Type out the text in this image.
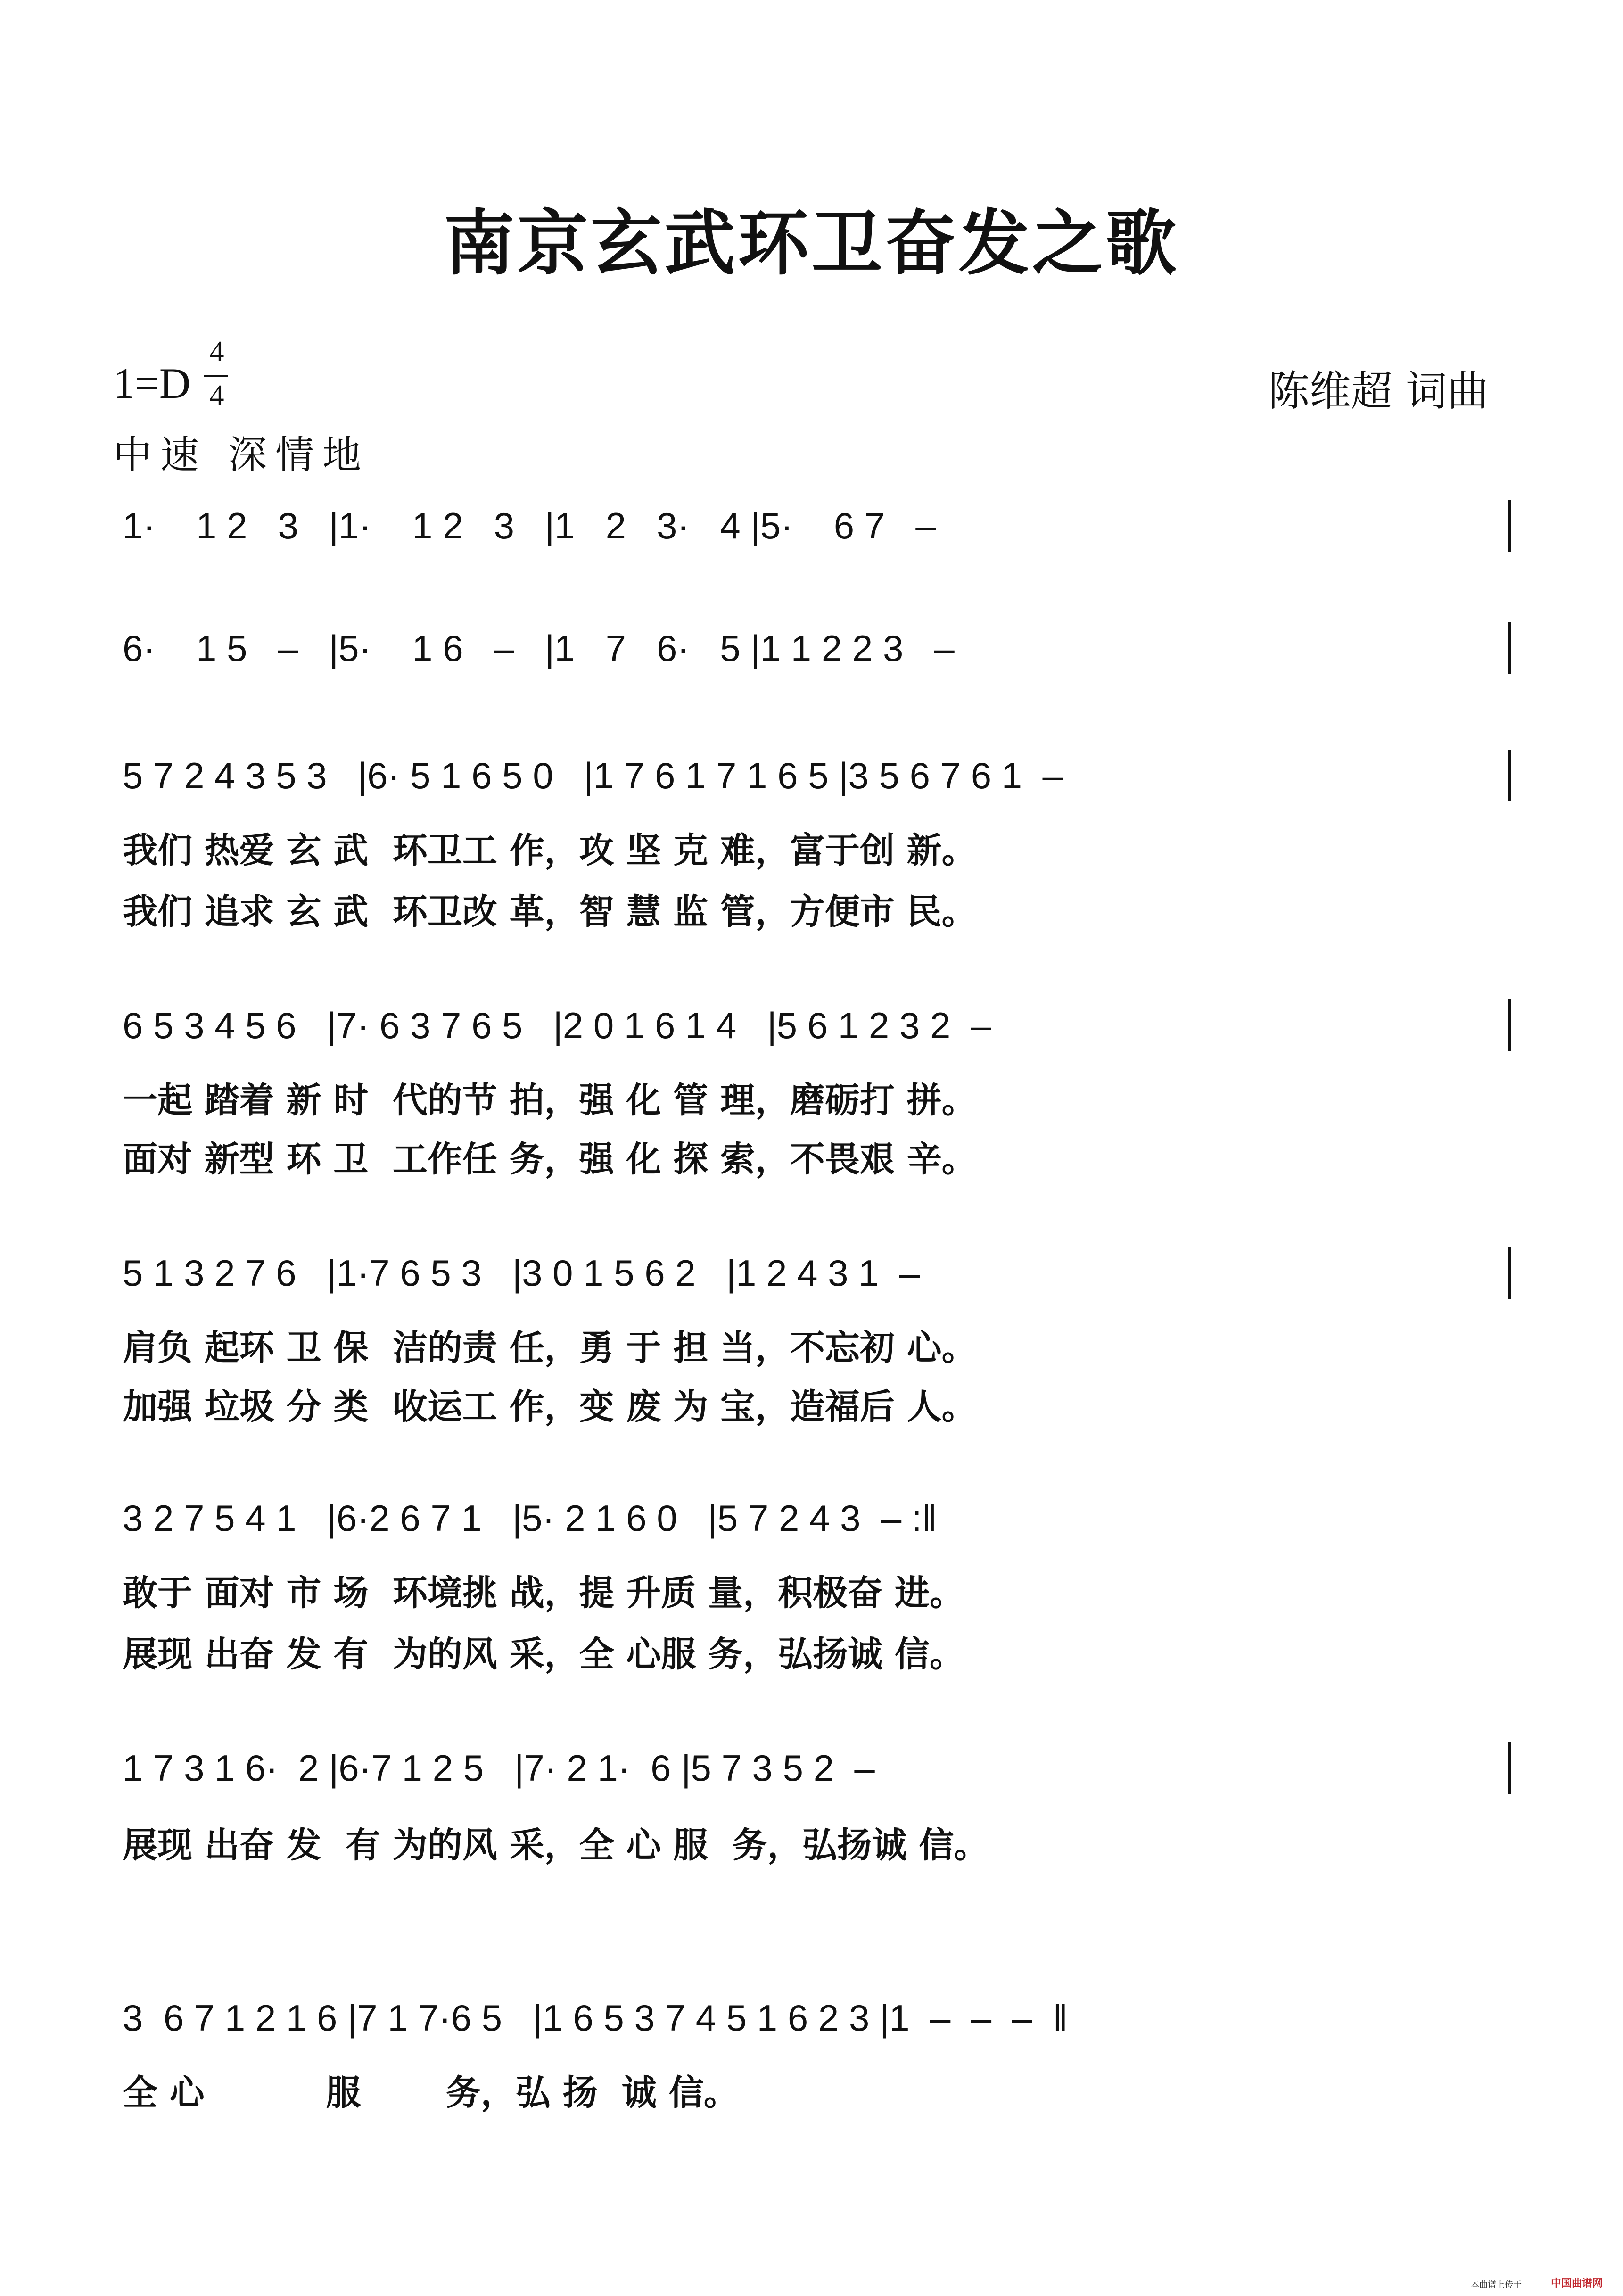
南京玄武环卫奋发之歌
1=D
4
4	陈维超 词曲
中速 深情地
1·    1 2   3   |1·    1 2   3   |1   2   3·   4 |5·    6 7   –
6·    1 5   –   |5·    1 6   –   |1   7   6·   5 |1 1 2 2 3   –
5 7 2 4 3 5 3   |6· 5 1 6 5 0   |1 7 6 1 7 1 6 5 |3 5 6 7 6 1  –
我们 热爱 玄 武  环卫工 作，攻 坚 克 难，富于创 新。
我们 追求 玄 武  环卫改 革，智 慧 监 管，方便市 民。
6 5 3 4 5 6   |7· 6 3 7 6 5   |2 0 1 6 1 4   |5 6 1 2 3 2  –
一起 踏着 新 时  代的节 拍，强 化 管 理，磨砺打 拼。
面对 新型 环 卫  工作任 务，强 化 探 索，不畏艰 辛。
5 1 3 2 7 6   |1·7 6 5 3   |3 0 1 5 6 2   |1 2 4 3 1  –
肩负 起环 卫 保  洁的责 任，勇 于 担 当，不忘初 心。
加强 垃圾 分 类  收运工 作，变 废 为 宝，造福后 人。
3 2 7 5 4 1   |6·2 6 7 1   |5· 2 1 6 0   |5 7 2 4 3  – :‖
敢于 面对 市 场  环境挑 战，提 升质 量，积极奋 进。
展现 出奋 发 有  为的风 采，全 心服 务，弘扬诚 信。
1 7 3 1 6·  2 |6·7 1 2 5   |7· 2 1·  6 |5 7 3 5 2  –
展现 出奋 发  有 为的风 采，全 心 服  务，弘扬诚 信。
3  6 7 1 2 1 6 |7 1 7·6 5   |1 6 5 3 7 4 5 1 6 2 3 |1  –  –  –  ‖
全 心          服       务，弘 扬  诚 信。
本曲谱上传于	中国曲谱网
